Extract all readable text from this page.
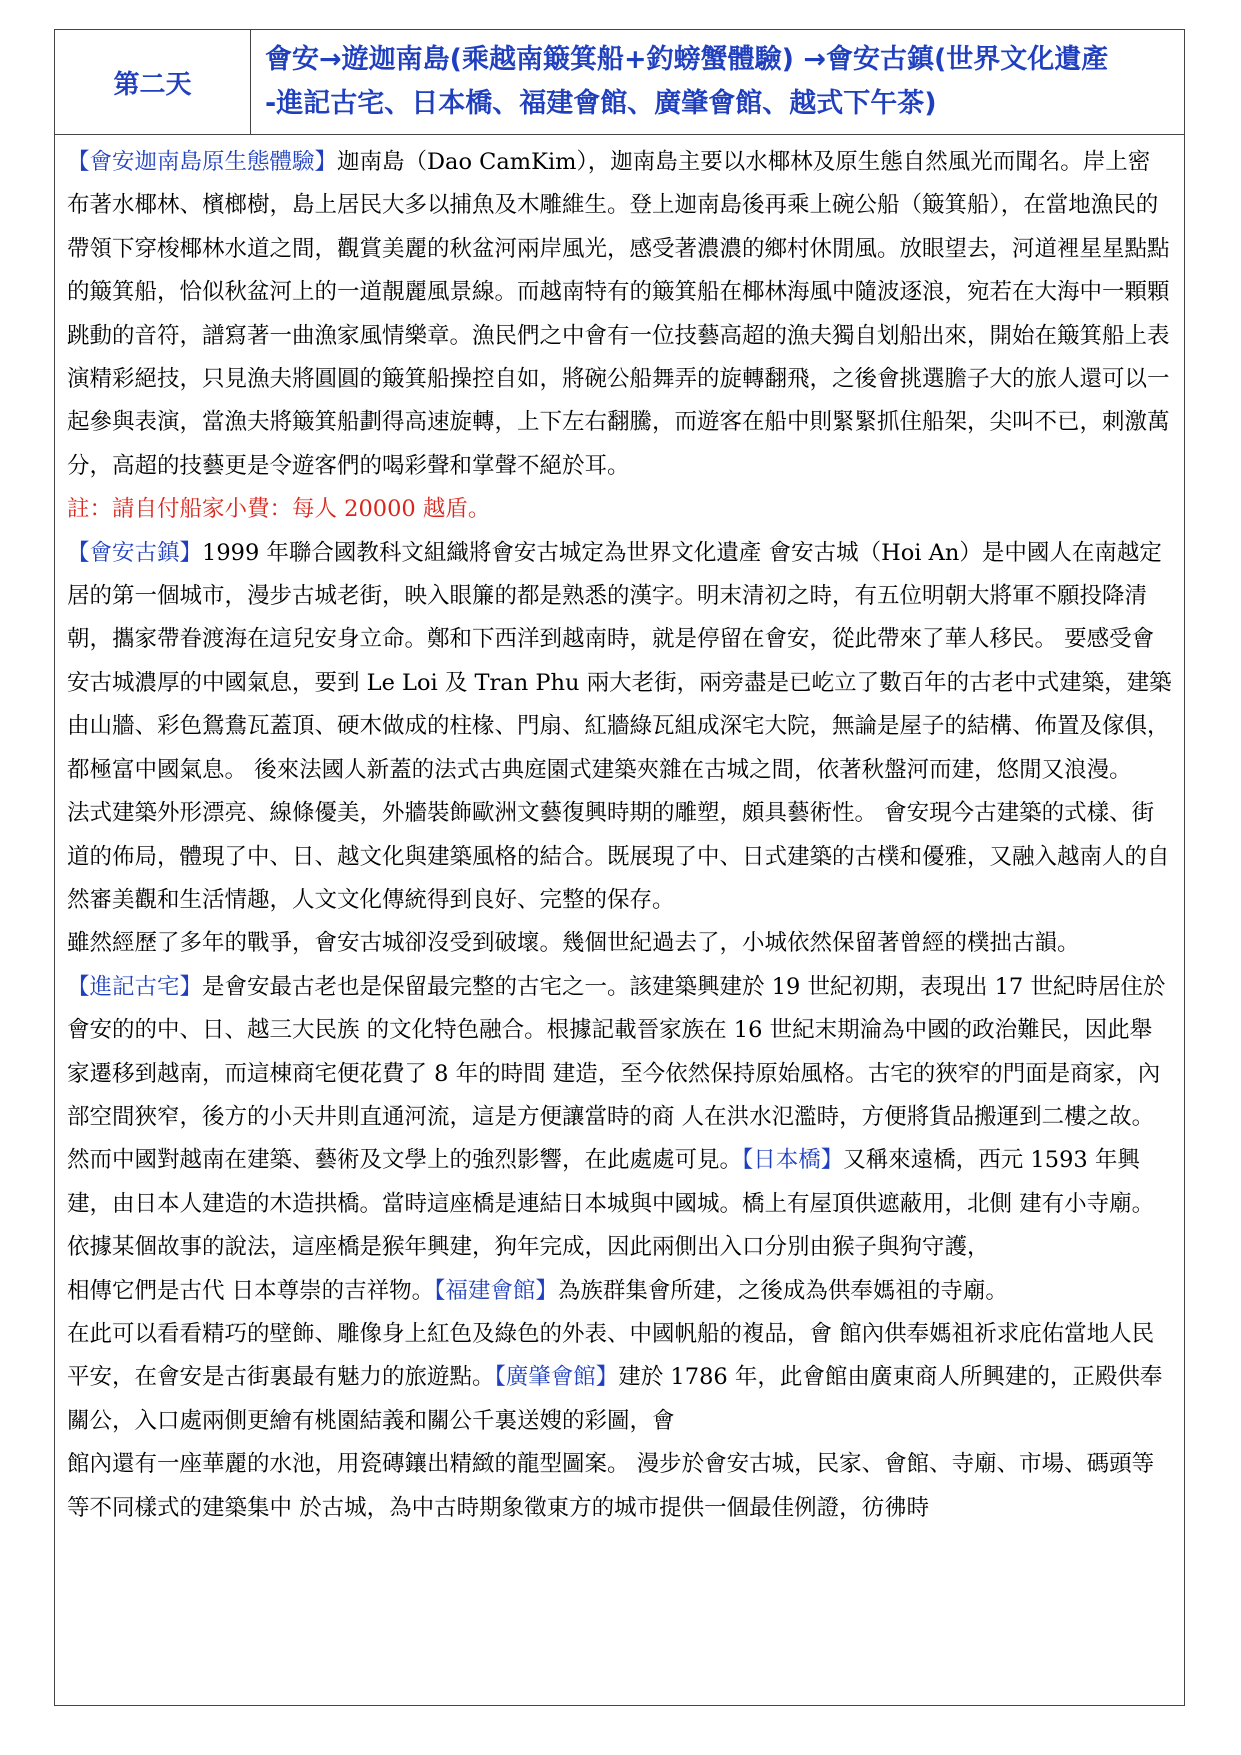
第二天
會安→遊迦南島(乘越南簸箕船+釣螃蟹體驗) →會安古鎮(世界文化遺產
-進記古宅、日本橋、福建會館、廣肇會館、越式下午茶)

【會安迦南島原生態體驗】迦南島（Dao CamKim），迦南島主要以水椰林及原生態自然風光而聞名。岸上密布著水椰林、檳榔樹，島上居民大多以捕魚及木雕維生。登上迦南島後再乘上碗公船（簸箕船），在當地漁民的帶領下穿梭椰林水道之間，觀賞美麗的秋盆河兩岸風光，感受著濃濃的鄉村休閒風。放眼望去，河道裡星星點點的簸箕船，恰似秋盆河上的一道靚麗風景線。而越南特有的簸箕船在椰林海風中隨波逐浪，宛若在大海中一顆顆跳動的音符，譜寫著一曲漁家風情樂章。漁民們之中會有一位技藝高超的漁夫獨自划船出來，開始在簸箕船上表演精彩絕技，只見漁夫將圓圓的簸箕船操控自如，將碗公船舞弄的旋轉翻飛，之後會挑選膽子大的旅人還可以一起參與表演，當漁夫將簸箕船劃得高速旋轉，上下左右翻騰，而遊客在船中則緊緊抓住船架，尖叫不已，刺激萬分，高超的技藝更是令遊客們的喝彩聲和掌聲不絕於耳。

註：請自付船家小費：每人 20000 越盾。

【會安古鎮】1999 年聯合國教科文組織將會安古城定為世界文化遺產 會安古城（Hoi An）是中國人在南越定居的第一個城市，漫步古城老街，映入眼簾的都是熟悉的漢字。明末清初之時，有五位明朝大將軍不願投降清朝，攜家帶眷渡海在這兒安身立命。鄭和下西洋到越南時，就是停留在會安，從此帶來了華人移民。 要感受會安古城濃厚的中國氣息，要到 Le Loi 及 Tran Phu 兩大老街，兩旁盡是已屹立了數百年的古老中式建築，建築由山牆、彩色鴛鴦瓦蓋頂、硬木做成的柱椽、門扇、紅牆綠瓦組成深宅大院，無論是屋子的結構、佈置及傢俱，都極富中國氣息。 後來法國人新蓋的法式古典庭園式建築夾雜在古城之間，依著秋盤河而建，悠閒又浪漫。

法式建築外形漂亮、線條優美，外牆裝飾歐洲文藝復興時期的雕塑，頗具藝術性。 會安現今古建築的式樣、街道的佈局，體現了中、日、越文化與建築風格的結合。既展現了中、日式建築的古樸和優雅，又融入越南人的自然審美觀和生活情趣，人文文化傳統得到良好、完整的保存。

雖然經歷了多年的戰爭，會安古城卻沒受到破壞。幾個世紀過去了，小城依然保留著曾經的樸拙古韻。

【進記古宅】是會安最古老也是保留最完整的古宅之一。該建築興建於 19 世紀初期，表現出 17 世紀時居住於會安的的中、日、越三大民族 的文化特色融合。根據記載晉家族在 16 世紀末期淪為中國的政治難民，因此舉家遷移到越南，而這棟商宅便花費了 8 年的時間 建造，至今依然保持原始風格。古宅的狹窄的門面是商家，內部空間狹窄，後方的小天井則直通河流，這是方便讓當時的商 人在洪水氾濫時，方便將貨品搬運到二樓之故。然而中國對越南在建築、藝術及文學上的強烈影響，在此處處可見。【日本橋】又稱來遠橋，西元 1593 年興建，由日本人建造的木造拱橋。當時這座橋是連結日本城與中國城。橋上有屋頂供遮蔽用，北側 建有小寺廟。依據某個故事的說法，這座橋是猴年興建，狗年完成，因此兩側出入口分別由猴子與狗守護，

相傳它們是古代 日本尊崇的吉祥物。【福建會館】為族群集會所建，之後成為供奉媽祖的寺廟。

在此可以看看精巧的壁飾、雕像身上紅色及綠色的外表、中國帆船的複品，會 館內供奉媽祖祈求庇佑當地人民平安，在會安是古街裏最有魅力的旅遊點。【廣肇會館】建於 1786 年，此會館由廣東商人所興建的，正殿供奉關公，入口處兩側更繪有桃園結義和關公千裏送嫂的彩圖，會

館內還有一座華麗的水池，用瓷磚鑲出精緻的龍型圖案。 漫步於會安古城，民家、會館、寺廟、市場、碼頭等等不同樣式的建築集中 於古城，為中古時期象徵東方的城市提供一個最佳例證，彷彿時
